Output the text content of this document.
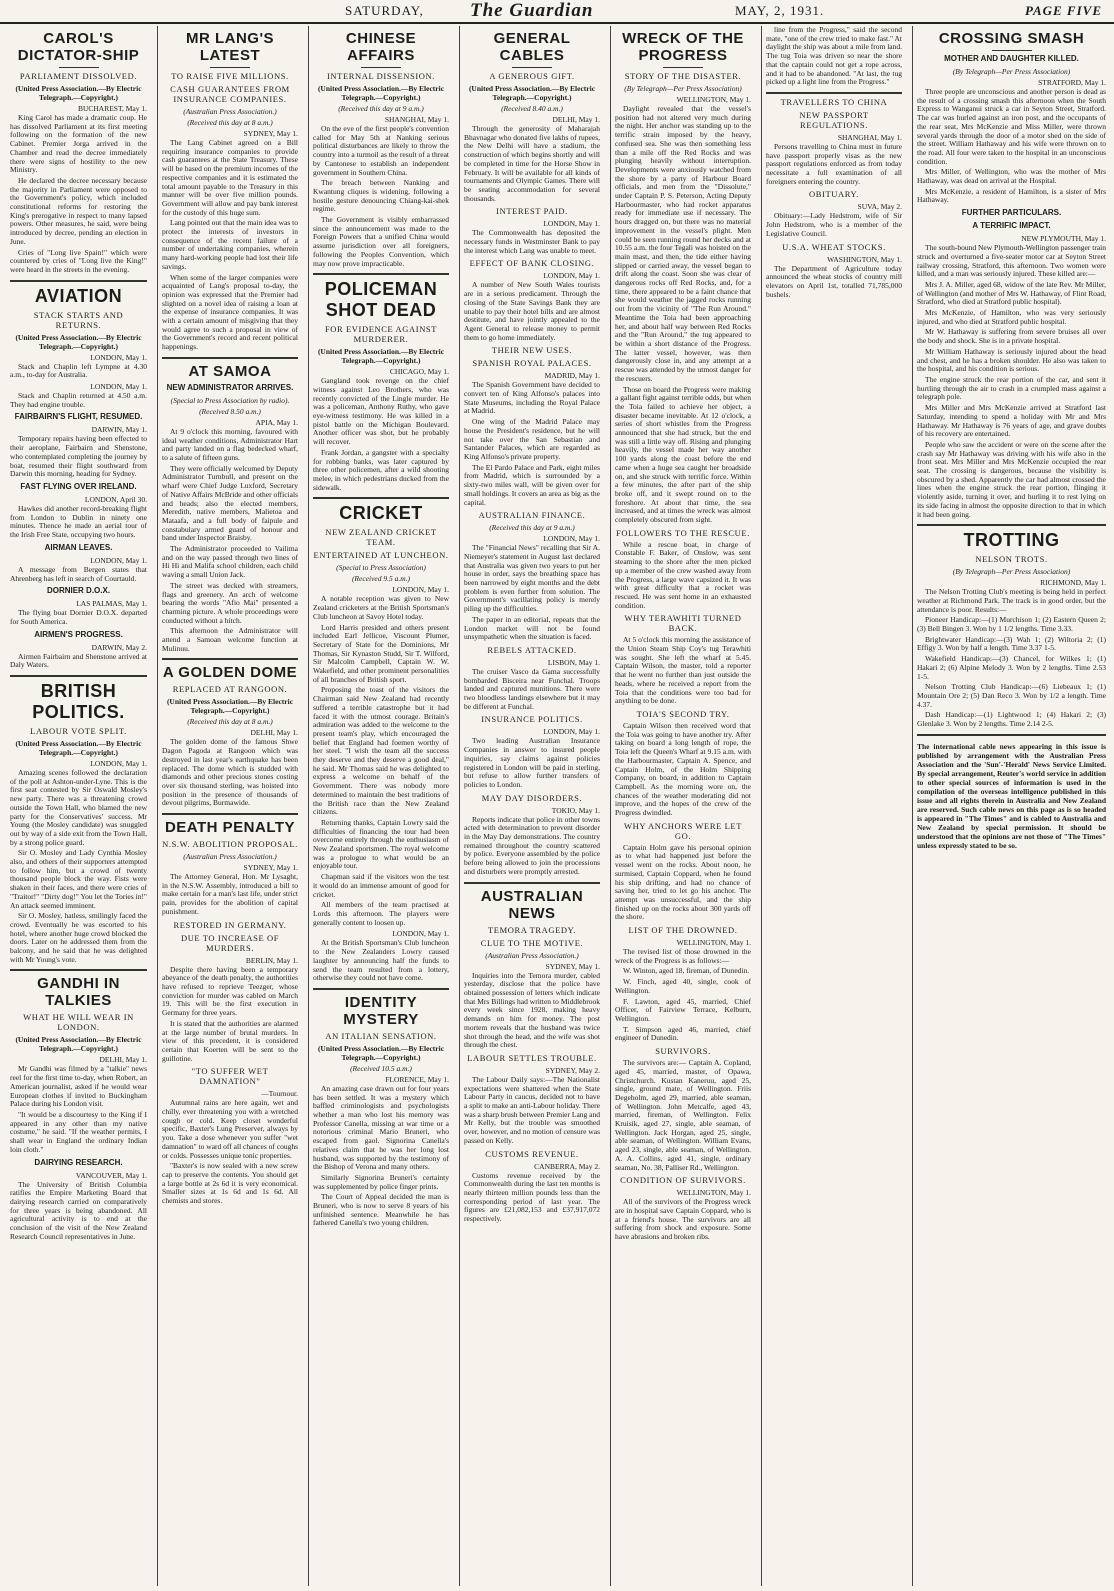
SATURDAY, The Guardian	MAY, 2, 1931.	PAGE FIVE
CAROL'S DICTATOR-SHIP
PARLIAMENT DISSOLVED.
(United Press Association.—By Electric Telegraph.—Copyright.)
BUCHAREST, May 1.

King Carol has made a dramatic coup. He has dissolved Parliament at its first meeting following on the formation of the new Cabinet. Premier Jorga arrived in the Chamber and read the decree immediately there were signs of hostility to the new Ministry.

He declared the decree necessary because the majority in Parliament were opposed to the Government's policy, which included constitutional reforms for restoring the King's prerogative in respect to many lapsed powers. Other measures, he said, were being introduced by decree, pending an election in June.

Cries of "Long live Spain!" which were countered by cries of "Long live the King!" were heard in the streets in the evening.

AVIATION
STACK STARTS AND RETURNS.
(United Press Association.—By Electric Telegraph.—Copyright.)
LONDON, May 1.

Stack and Chaplin left Lympne at 4.30 a.m., to-day for Australia.

LONDON, May 1.

Stack and Chaplin returned at 4.50 a.m. They had engine trouble.

FAIRBAIRN'S FLIGHT, RESUMED.
DARWIN, May 1.

Temporary repairs having been effected to their aeroplane, Fairbairn and Shenstone, who contemplated completing the journey by boat, resumed their flight southward from Darwin this morning, heading for Sydney.

FAST FLYING OVER IRELAND.
LONDON, April 30.

Hawkes did another record-breaking flight from London to Dublin in ninety one minutes. Thence he made an aerial tour of the Irish Free State, occupying two hours.

AIRMAN LEAVES.
LONDON, May 1.

A message from Bergen states that Ahrenberg has left in search of Courtauld.

DORNIER D.O.X.
LAS PALMAS, May 1.

The flying boat Dornier D.O.X. departed for South America.

AIRMEN'S PROGRESS.
DARWIN, May 2.

Airmen Fairbairn and Shenstone arrived at Daly Waters.

BRITISH POLITICS.
LABOUR VOTE SPLIT.
(United Press Association.—By Electric Telegraph.—Copyright.)
LONDON, May 1.

Amazing scenes followed the declaration of the poll at Ashton-under-Lyne. This is the first seat contested by Sir Oswald Mosley's new party. There was a threatening crowd outside the Town Hall, who blamed the new party for the Conservatives' success. Mr Young (the Mosley candidate) was snuggled out by way of a side exit from the Town Hall, by a strong police guard.

Sir O. Mosley and Lady Cynthia Mosley also, and others of their supporters attempted to follow him, but a crowd of twenty thousand people block the way. Fists were shaken in their faces, and there were cries of "Traitor!" "Dirty dog!" You let the Tories in!" An attack seemed imminent.

Sir O. Mosley, hatless, smilingly faced the crowd. Eventually he was escorted to his hotel, where another huge crowd blocked the doors. Later on he addressed them from the balcony, and he said that he was delighted with Mr Young's vote.

GANDHI IN TALKIES
WHAT HE WILL WEAR IN LONDON.
(United Press Association.—By Electric Telegraph.—Copyright.)
DELHI, May 1.

Mr Gandhi was filmed by a "talkie" news reel for the first time to-day, when Robert, an American journalist, asked if he would wear European clothes if invited to Buckingham Palace during his London visit.

"It would be a discourtesy to the King if I appeared in any other than my native costume," he said. "If the weather permits, I shall wear in England the ordinary Indian loin cloth."

DAIRYING RESEARCH.
VANCOUVER, May 1.

The University of British Columbia ratifies the Empire Marketing Board that dairying research carried on comparatively for three years is being abandoned. All agricultural activity is to end at the conclusion of the visit of the New Zealand Research Council representatives in June.

MR LANG'S LATEST
TO RAISE FIVE MILLIONS.
CASH GUARANTEES FROM INSURANCE COMPANIES.
(Australian Press Association.)
(Received this day at 8 a.m.)
SYDNEY, May 1.

The Lang Cabinet agreed on a Bill requiring insurance companies to provide cash guarantees at the State Treasury. These will be based on the premium incomes of the respective companies and it is estimated the total amount payable to the Treasury in this manner will be over five million pounds. Government will allow and pay bank interest for the custody of this huge sum.

Lang pointed out that the main idea was to protect the interests of investors in consequence of the recent failure of a number of undertaking companies, wherein many hard-working people had lost their life savings.

When some of the larger companies were acquainted of Lang's proposal to-day, the opinion was expressed that the Premier had slighted on a novel idea of raising a loan at the expense of insurance companies. It was with a certain amount of misgiving that they would agree to such a proposal in view of the Government's record and recent political happenings.

AT SAMOA
NEW ADMINISTRATOR ARRIVES.
(Special to Press Association by radio).
(Received 8.50 a.m.)
APIA, May 1.

At 9 o'clock this morning, favoured with ideal weather conditions, Administrator Hart and party landed on a flag bedecked wharf, to a salute of fifteen guns.

They were officially welcomed by Deputy Administrator Turnbull, and present on the wharf were Chief Judge Luxford, Secretary of Native Affairs McBride and other officials and heads; also the elected members, Meredith, native members, Malietoa and Mataafa, and a full body of faipule and constabulary armed guard of honour and band under Inspector Braisby.

The Administrator proceeded to Vailima and on the way passed through two lines of Hi Hi and Malifa school children, each child waving a small Union Jack.

The street was decked with streamers, flags and greenery. An arch of welcome bearing the words "Afio Mai" presented a charming picture. A whole proceedings were conducted without a hitch.

This afternoon the Administrator will attend a Samoan welcome function at Mulinuu.

A GOLDEN DOME
REPLACED AT RANGOON.
(United Press Association.—By Electric Telegraph.—Copyright.)
(Received this day at 8 a.m.)
DELHI, May 1.

The golden dome of the famous Shwe Dagon Pagoda at Rangoon which was destroyed in last year's earthquake has been replaced. The dome which is studded with diamonds and other precious stones costing over six thousand sterling, was hoisted into position in the presence of thousands of devout pilgrims, Burmawide.

DEATH PENALTY
N.S.W. ABOLITION PROPOSAL.
(Australian Press Association.)
SYDNEY, May 1.

The Attorney General, Hon. Mr Lysaght, in the N.S.W. Assembly, introduced a bill to make certain for a man's last life, under strict pain, provides for the abolition of capital punishment.

RESTORED IN GERMANY.
DUE TO INCREASE OF MURDERS.
BERLIN, May 1.

Despite there having been a temporary abeyance of the death penalty, the authorities have refused to reprieve Teezger, whose conviction for murder was cabled on March 19. This will be the first execution in Germany for three years.

It is stated that the authorities are alarmed at the large number of brutal murders. In view of this precedent, it is considered certain that Koerten will be sent to the guillotine.

"TO SUFFER WET DAMNATION"
—Tournour.

Autumnal rains are here again, wet and chilly, ever threatening you with a wretched cough or cold. Keep closet wonderful specific, Baxter's Lung Preserver, always by you. Take a dose whenever you suffer "wet damnation" to ward off all chances of coughs or colds. Possesses unique tonic properties.

"Baxter's is now sealed with a new screw cap to preserve the contents. You should get a large bottle at 2s 6d it is very economical. Smaller sizes at 1s 6d and 1s 6d. All chemists and stores.

CHINESE AFFAIRS
INTERNAL DISSENSION.
(United Press Association.—By Electric Telegraph.—Copyright.)
(Received this day at 9 a.m.)
SHANGHAI, May 1.

On the eve of the first people's convention called for May 5th at Nanking serious political disturbances are likely to throw the country into a turmoil as the result of a threat by Cantonese to establish an independent government in Southern China.

The breach between Nanking and Kwantung cliques is widening, following a hostile gesture denouncing Chiang-kai-shek regime.

The Government is visibly embarrassed since the announcement was made to the Foreign Powers that a unified China would assume jurisdiction over all foreigners, following the Peoples Convention, which may now prove impracticable.

POLICEMAN SHOT DEAD
FOR EVIDENCE AGAINST MURDERER.
(United Press Association.—By Electric Telegraph.—Copyright.)
CHICAGO, May 1.

Gangland took revenge on the chief witness against Leo Brothers, who was recently convicted of the Lingle murder. He was a policeman, Anthony Ruthy, who gave eye-witness testimony. He was killed in a pistol battle on the Michigan Boulevard. Another officer was shot, but he probably will recover.

Frank Jordan, a gangster with a specialty for robbing banks, was later captured by three other policemen, after a wild shooting melee, in which pedestrians ducked from the sidewalk.

CRICKET
NEW ZEALAND CRICKET TEAM.
ENTERTAINED AT LUNCHEON.
(Special to Press Association)
(Received 9.5 a.m.)
LONDON, May 1.

A notable reception was given to New Zealand cricketers at the British Sportsman's Club luncheon at Savoy Hotel today.

Lord Harris presided and others present included Earl Jellicoe, Viscount Plumer, Secretary of State for the Dominions, Mr Thomas, Sir Kynaston Studd, Sir T. Wilford, Sir Malcolm Campbell, Captain W. W. Wakefield, and other prominent personalities of all branches of British sport.

Proposing the toast of the visitors the Chairman said New Zealand had recently suffered a terrible catastrophe but it had faced it with the utmost courage. Britain's admiration was added to the welcome to the present team's play, which encouraged the belief that England had foemen worthy of her steel. "I wish the team all the success they deserve and they deserve a good deal," he said. Mr Thomas said he was delighted to express a welcome on behalf of the Government. There was nobody more determined to maintain the best traditions of the British race than the New Zealand citizens.

Returning thanks, Captain Lowry said the difficulties of financing the tour had been overcome entirely through the enthusiasm of New Zealand sportsmen. The royal welcome was a prologue to what would be an enjoyable tour.

Chapman said if the visitors won the test it would do an immense amount of good for cricket.

All members of the team practised at Lords this afternoon. The players were generally content to loosen up.

LONDON, May 1.

At the British Sportsman's Club luncheon to the New Zealanders Lowry caused laughter by announcing half the funds to send the team resulted from a lottery, otherwise they could not have come.

IDENTITY MYSTERY
AN ITALIAN SENSATION.
(United Press Association.—By Electric Telegraph.—Copyright.)
(Received 10.5 a.m.)
FLORENCE, May 1.

An amazing case drawn out for four years has been settled. It was a mystery which baffled criminologists and psychologists whether a man who lost his memory was Professor Canella, missing at war time or a notorious criminal Mario Bruneri, who escaped from gaol. Signorina Canella's relatives claim that he was her long lost husband, was supported by the testimony of the Bishop of Verona and many others.

Similarly Signorina Bruneri's certainty was supplemented by police finger prints.

The Court of Appeal decided the man is Bruneri, who is now to serve 8 years of his unfinished sentence. Meanwhile he has fathered Canella's two young children.

GENERAL CABLES
A GENEROUS GIFT.
(United Press Association.—By Electric Telegraph.—Copyright.)
(Received 8.40 a.m.)
DELHI, May 1.

Through the generosity of Maharajah Bhavnagar who donated five lakhs of rupees, the New Delhi will have a stadium, the construction of which begins shortly and will be completed in time for the Horse Show in February. It will be available for all kinds of tournaments and Olympic Games. There will be seating accommodation for several thousands.

INTEREST PAID.
LONDON, May 1.

The Commonwealth has deposited the necessary funds in Westminster Bank to pay the interest which Lang was unable to meet.

EFFECT OF BANK CLOSING.
LONDON, May 1.

A number of New South Wales tourists are in a serious predicament. Through the closing of the State Savings Bank they are unable to pay their hotel bills and are almost destitute, and have jointly appealed to the Agent General to release money to permit them to go home immediately.

THEIR NEW USES.
SPANISH ROYAL PALACES.
MADRID, May 1.

The Spanish Government have decided to convert ten of King Alfonso's palaces into State Museums, including the Royal Palace at Madrid.

One wing of the Madrid Palace may house the President's residence, but he will not take over the San Sebastian and Santander Palaces, which are regarded as King Alfonso's private property.

The El Pardo Palace and Park, eight miles from Madrid, which is surrounded by a sixty-two miles wall, will be given over for small holdings. It covers an area as big as the capital.

AUSTRALIAN FINANCE.
(Received this day at 9 a.m.)
LONDON, May 1.

The "Financial News" recalling that Sir A. Niemeyer's statement in August last declared that Australia was given two years to put her house in order, says the breathing space has been narrowed by eight months and the debt problem is even further from solution. The Government's vacillating policy is merely piling up the difficulties.

The paper in an editorial, repeats that the London market will not be found unsympathetic when the situation is faced.

REBELS ATTACKED.
LISBON, May 1.

The cruiser Vasco da Gama successfully bombarded Bisceira near Funchal. Troops landed and captured munitions. There were two bloodless landings elsewhere but it may be different at Funchal.

INSURANCE POLITICS.
LONDON, May 1.

Two leading Australian Insurance Companies in answer to insured people inquiries, say claims against policies registered in London will be paid in sterling, but refuse to allow further transfers of policies to London.

MAY DAY DISORDERS.
TOKIO, May 1.

Reports indicate that police in other towns acted with determination to prevent disorder in the May Day demonstrations. The country remained throughout the country scattered by police. Everyone assembled by the police before being allowed to join the processions and disturbers were promptly arrested.

AUSTRALIAN NEWS
TEMORA TRAGEDY.
CLUE TO THE MOTIVE.
(Australian Press Association.)
SYDNEY, May 1.

Inquiries into the Temora murder, cabled yesterday, disclose that the police have obtained possession of letters which indicate that Mrs Billings had written to Middlebrook every week since 1928, making heavy demands on him for money. The post mortem reveals that the husband was twice shot through the head, and the wife was shot through the chest.

LABOUR SETTLES TROUBLE.
SYDNEY, May 2.

The Labour Daily says:—The Nationalist expectations were shattered when the State Labour Party in caucus, decided not to have a split to make an anti-Labour holiday. There was a sharp brush between Premier Lang and Mr Kelly, but the trouble was smoothed over, however, and no motion of censure was passed on Kelly.

CUSTOMS REVENUE.
CANBERRA, May 2.

Customs revenue received by the Commonwealth during the last ten months is nearly thirteen million pounds less than the corresponding period of last year. The figures are £21,082,153 and £37,917,072 respectively.

WRECK OF THE PROGRESS
STORY OF THE DISASTER.
(By Telegraph—Per Press Association)
WELLINGTON, May 1.

Daylight revealed that the vessel's position had not altered very much during the night. Her anchor was standing up to the terrific strain imposed by the heavy, confused sea. She was then something less than a mile off the Red Rocks and was plunging heavily without interruption. Developments were anxiously watched from the shore by a party of Harbour Board officials, and men from the "Dissolute," under Captain P. S. Peterson, Acting Deputy Harbourmaster, who had rocket apparatus ready for immediate use if necessary. The hours dragged on, but there was no material improvement in the vessel's plight. Men could be seen running round her decks and at 10.55 a.m. the four Tegali was hoisted on the main mast, and then, the tide either having slipped or carried away, the vessel began to drift along the coast. Soon she was clear of dangerous rocks off Red Rocks, and, for a time, there appeared to be a faint chance that she would weather the jagged rocks running out from the vicinity of "The Run Around." Meantime the Toia had been approaching her, and about half way between Red Rocks and the "Run Around," the tug appeared to be within a short distance of the Progress. The latter vessel, however, was then dangerously close in, and any attempt at a rescue was attended by the utmost danger for the rescuers.

Those on board the Progress were making a gallant fight against terrible odds, but when the Toia failed to achieve her object, a disaster became inevitable. At 12 o'clock, a series of short whistles from the Progress announced that she had struck, but the end was still a little way off. Rising and plunging heavily, the vessel made her way another 100 yards along the coast before the end came when a huge sea caught her broadside on, and she struck with terrific force. Within a few minutes, the after part of the ship broke off, and it swept round on to the foreshore. At about that time, the sea increased, and at times the wreck was almost completely obscured from sight.

FOLLOWERS TO THE RESCUE.

While a rescue boat, in charge of Constable F. Baker, of Onslow, was sent steaming to the shore after the men picked up a member of the crew washed away from the Progress, a large wave capsized it. It was with great difficulty that a rocket was rescued. He was sent home in an exhausted condition.

WHY TERAWHITI TURNED BACK.

At 5 o'clock this morning the assistance of the Union Steam Ship Coy's tug Terawhiti was sought. She left the wharf at 5.45. Captain Wilson, the master, told a reporter that he went no further than just outside the heads, where he received a report from the Toia that the conditions were too bad for anything to be done.

TOIA'S SECOND TRY.

Captain Wilson then received word that the Toia was going to have another try. After taking on board a long length of rope, the Toia left the Queen's Wharf at 9.15 a.m. with the Harbourmaster, Captain A. Spence, and Captain Holm, of the Holm Shipping Company, on board, in addition to Captain Campbell. As the morning wore on, the chances of the weather moderating did not improve, and the hopes of the crew of the Progress dwindled.

WHY ANCHORS WERE LET GO.

Captain Holm gave his personal opinion as to what had happened just before the vessel went on the rocks. About noon, he surmised, Captain Coppard, when he found his ship drifting, and had no chance of saving her, tried to let go his anchor. The attempt was unsuccessful, and the ship finished up on the rocks about 300 yards off the shore.

LIST OF THE DROWNED.
WELLINGTON, May 1.

The revised list of those drowned in the wreck of the Progress is as follows:—

W. Winton, aged 18, fireman, of Dunedin.

W. Finch, aged 40, single, cook of Wellington.

F. Lawton, aged 45, married, Chief Officer, of Fairview Terrace, Kelburn, Wellington.

T. Simpson aged 46, married, chief engineer of Dunedin.

SURVIVORS.

The survivors are:— Captain A. Copland, aged 45, married, master, of Opawa, Christchurch. Kustan Kaneruu, aged 25, single, ground mate, of Wellington. Friis Degeholm, aged 29, married, able seaman, of Wellington. John Metcalfe, aged 43, married, fireman, of Wellington. Felix Kruisik, aged 27, single, able seaman, of Wellington. Jack Horgan, aged 25, single, able seaman, of Wellington. William Evans, aged 23, single, able seaman, of Wellington. A. A. Collins, aged 41, single, ordinary seaman, No. 38, Palliser Rd., Wellington.

CONDITION OF SURVIVORS.
WELLINGTON, May 1.

All of the survivors of the Progress wreck are in hospital save Captain Coppard, who is at a friend's house. The survivors are all suffering from shock and exposure. Some have abrasions and broken ribs.

line from the Progress," said the second mate, "one of the crew tried to make fast." At daylight the ship was about a mile from land. The tug Toia was driven so near the shore that the captain could not get a rope across, and it had to be abandoned. "At last, the tug picked up a light line from the Progress."

TRAVELLERS TO CHINA
NEW PASSPORT REGULATIONS.
SHANGHAI, May 1.

Persons travelling to China must in future have passport properly visas as the new passport regulations enforced as from today necessitate a full examination of all foreigners entering the country.

OBITUARY.
SUVA, May 2.

Obituary:—Lady Hedstrom, wife of Sir John Hedstrom, who is a member of the Legislative Council.

U.S.A. WHEAT STOCKS.
WASHINGTON, May 1.

The Department of Agriculture today announced the wheat stocks of country mill elevators on April 1st, totalled 71,785,000 bushels.

CROSSING SMASH
MOTHER AND DAUGHTER KILLED.
(By Telegraph—Per Press Association)
STRATFORD, May 1.

Three people are unconscious and another person is dead as the result of a crossing smash this afternoon when the South Express to Wanganui struck a car in Seyton Street, Stratford. The car was hurled against an iron post, and the occupants of the rear seat, Mrs McKenzie and Miss Miller, were thrown several yards through the door of a motor shed on the side of the street. William Hathaway and his wife were thrown on to the road. All four were taken to the hospital in an unconscious condition.

Mrs Miller, of Wellington, who was the mother of Mrs Hathaway, was dead on arrival at the Hospital.

Mrs McKenzie, a resident of Hamilton, is a sister of Mrs Hathaway.

FURTHER PARTICULARS.
A TERRIFIC IMPACT.
NEW PLYMOUTH, May 1.

The south-bound New Plymouth-Wellington passenger train struck and overturned a five-seater motor car at Seyton Street railway crossing, Stratford, this afternoon. Two women were killed, and a man was seriously injured. These killed are:—

Mrs J. A. Miller, aged 68, widow of the late Rev. Mr Miller, of Wellington (and mother of Mrs W. Hathaway, of Flint Road, Stratford, who died at Stratford public hospital).

Mrs McKenzie, of Hamilton, who was very seriously injured, and who died at Stratford public hospital.

Mr W. Hathaway is suffering from severe bruises all over the body and shock. She is in a private hospital.

Mr William Hathaway is seriously injured about the head and chest, and he has a broken shoulder. He also was taken to the hospital, and his condition is serious.

The engine struck the rear portion of the car, and sent it hurtling through the air to crash in a crumpled mass against a telegraph pole.

Mrs Miller and Mrs McKenzie arrived at Stratford last Saturday, intending to spend a holiday with Mr and Mrs Hathaway. Mr Hathaway is 76 years of age, and grave doubts of his recovery are entertained.

People who saw the accident or were on the scene after the crash say Mr Hathaway was driving with his wife also in the front seat. Mrs Miller and Mrs McKenzie occupied the rear seat. The crossing is dangerous, because the visibility is obscured by a shed. Apparently the car had almost crossed the lines when the engine struck the rear portion, flinging it violently aside, turning it over, and hurling it to rest lying on its side facing in almost the opposite direction to that in which it had been going.

TROTTING
NELSON TROTS.
(By Telegraph—Per Press Association)
RICHMOND, May 1.

The Nelson Trotting Club's meeting is being held in perfect weather at Richmond Park. The track is in good order, but the attendance is poor. Results:—

Pioneer Handicap:—(1) Murchison 1; (2) Eastern Queen 2; (3) Bell Bingen 3. Won by 1 1/2 lengths. Time 3.33.

Brightwater Handicap:—(3) Wah 1; (2) Wiltoria 2; (1) Effigy 3. Won by half a length. Time 3.37 1-5.

Wakefield Handicap:—(3) Chancel, for Wilkes 1; (1) Hakari 2; (6) Alpine Melody 3. Won by 2 lengths. Time 2.53 1-5.

Nelson Trotting Club Handicap:—(6) Liebeaux 1; (1) Mountain Ore 2; (5) Dan Reco 3. Won by 1/2 a length. Time 4.37.

Dash Handicap:—(1) Lightwood 1; (4) Hakari 2; (3) Glenlake 3. Won by 2 lengths. Time 2.14 2-5.

The international cable news appearing in this issue is published by arrangement with the Australian Press Association and the 'Sun'-'Herald' News Service Limited. By special arrangement, Reuter's world service in addition to other special sources of information is used in the compilation of the overseas intelligence published in this issue and all rights therein in Australia and New Zealand are reserved. Such cable news on this page as is so headed is appeared in "The Times" and is cabled to Australia and New Zealand by special permission. It should be understood that the opinions are not those of "The Times" unless expressly stated to be so.
